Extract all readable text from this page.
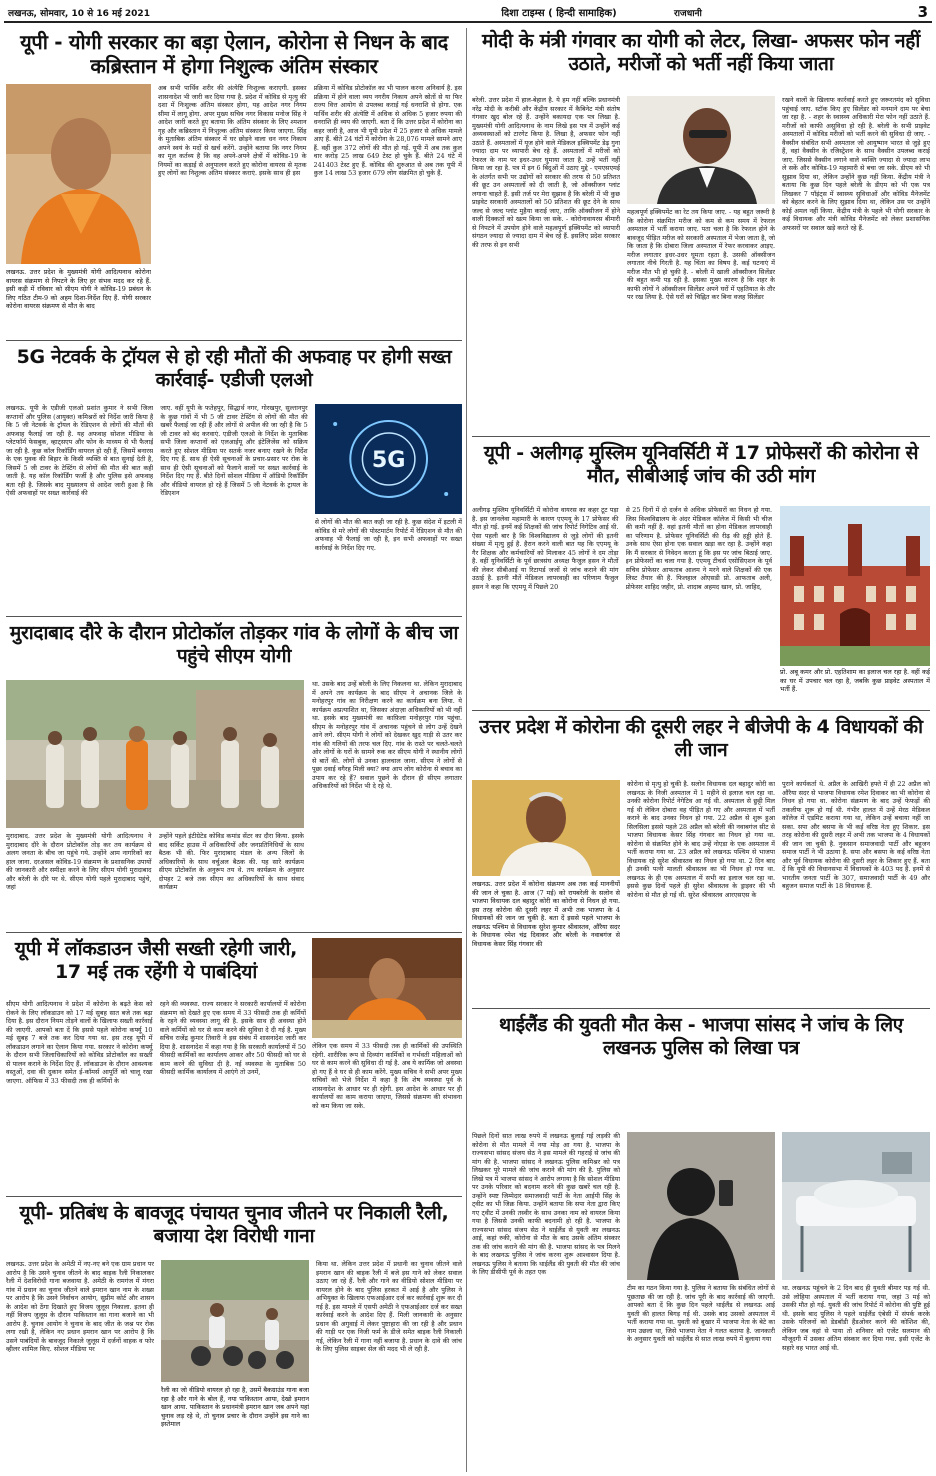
लखनऊ, सोमवार, 10 से 16 मई 2021	दिशा टाइम्स ( हिन्दी सामाहिक)	राजधानी	3
यूपी - योगी सरकार का बड़ा ऐलान, कोरोना से निधन के बाद कब्रिस्तान में होगा निशुल्क अंतिम संस्कार
लखनऊ. उत्तर प्रदेश के मुख्यमंत्री योगी आदित्यनाथ कोरोना वायरस संक्रमण से निपटने के लिए हर संभव मदद कर रहे हैं. इसी कड़ी में रविवार को सीएम योगी ने कोविड-19 प्रबंधन के लिए गठित टीम-9 को अहम दिशा-निर्देश दिए हैं. योगी सरकार कोरोना वायरस संक्रमण से मौत के बाद
अब सभी पार्थिव शरीर की अंत्येष्टि निःशुल्क कराएगी. इसका शासनादेश भी जारी कर दिया गया है. प्रदेश में कोविड से मृत्यु की दशा में निःशुल्क अंतिम संस्कार होगा, यह आदेश नगर निगम सीमा में लागू होगा. अपर मुख्य सचिव नगर विकास मनोज सिंह ने आदेश जारी करते हुए बताया कि अंतिम संस्कार के लिए श्मशान गृह और कब्रिस्तान में निःशुल्क अंतिम संस्कार किया जाएगा. सिंह के मुताबिक अंतिम संस्कार में घर छोड़ने वाला धन नगर निकाय अपने स्वयं के मदों से खर्च करेंगे. उन्होंने बताया कि नगर निगम का मूल कर्तव्य है कि वह अपने-अपने क्षेत्रों में कोविड-19 के नियमों का कड़ाई से अनुपालन करते हुए कोरोना वायरस से मृतक हुए लोगों का निशुल्क अंतिम संस्कार कराएं. इसके साथ ही इस
प्रक्रिया में कोविड प्रोटोकॉल का भी पालन करना अनिवार्य है. इस प्रक्रिया में होने वाला व्यय नगरीय निकाय अपने स्रोतों से या फिर राज्य वित्त आयोग से उपलब्ध कराई गई धनराशि से होगा. एक पार्थिव शरीर की अंत्येष्टि में अधिक से अधिक 5 हजार रुपया की धनराशि ही व्यय की जाएगी. बता दें कि उत्तर प्रदेश में कोरोना का कहर जारी है, आज भी यूपी प्रदेश में 25 हजार से अधिक मामले आए हैं. बीते 24 घंटों में कोरोना के 28,076 मामले सामने आए हैं. वहीं कुल 372 लोगों की मौत हो गई. यूपी में अब तक कुल चार करोड़ 25 लाख 649 टेस्ट हो चुके हैं. बीते 24 घंटे में 241403 टेस्ट हुए हैं. कोविड की शुरुआत से अब तक यूपी में कुल 14 लाख 53 हजार 679 लोग संक्रमित हो चुके हैं.
5G नेटवर्क के ट्रॉयल से हो रही मौतों की अफवाह पर होगी सख्त कार्रवाई- एडीजी एलओ
लखनऊ. यूपी के एडीजी एलओ प्रशांत कुमार ने सभी जिला कप्तानों और पुलिस (आयुक्त) कमिश्नरों को निर्देश जारी किया है कि 5 जी नेटवर्क के ट्रॉयल के रेडिएशन से लोगों की मौतों की अफवाह फैलाई जा रही है. यह अफवाह सोशल मीडिया के प्लेटफॉर्म फेसबुक, व्हाट्सएप और फोन के माध्यम से भी फैलाई जा रही है. कुछ कॉल रिकॉर्डिंग वायरल हो रही हैं, जिसमें बनारस के एक युवक की बिहार के किसी व्यक्ति से बात सुनाई देती है, जिसमें 5 जी टावर के टेस्टिंग से लोगों की मौत की बात कही जाती है. यह कॉल रिकॉर्डिंग फर्जी है और पुलिस इसे अफवाह बता रही है. जिसके बाद मुख्यालय से आदेश जारी हुआ है कि ऐसी अफवाहों पर सख्त कार्रवाई की
जाए. वहीं यूपी के फतेहपुर, सिद्धार्थ नगर, गोरखपुर, सुल्तानपुर के कुछ गांवों में भी 5 जी टावर टेस्टिंग से लोगों की मौत की खबरें फैलाई जा रही हैं और लोगों से अपील की जा रही है कि 5 जी टावर को बंद करवाएं. एडीजी एलओ के निर्देश के मुताबिक सभी जिला कप्तानों को एलआईयू और इंटेलिजेंस को सक्रिय करते हुए सोशल मीडिया पर सतर्क नजर बनाए रखने के निर्देश दिए गए हैं. साथ ही ऐसी सूचनाओं के प्रचार-प्रसार पर रोक के साथ ही ऐसी सूचनाओं को फैलाने वालों पर सख्त कार्रवाई के निर्देश दिए गए हैं. बीते दिनों सोशल मीडिया में ऑडियो रिकॉर्डिंग और वीडियो वायरल हो रहे हैं जिसमें 5 जी नेटवर्क के ट्रायल के रेडिएशन
5G
से लोगों की मौत की बात कही जा रही है. कुछ संदेश में इटली में कोविड से मरे लोगों की पोस्टमार्टम रिपोर्ट में रेडिएशन से मौत की अफवाह भी फैलाई जा रही है, इन सभी अफवाहों पर सख्त कार्रवाई के निर्देश दिए गए.
मुरादाबाद दौरे के दौरान प्रोटोकॉल तोड़कर गांव के लोगों के बीच जा पहुंचे सीएम योगी
मुरादाबाद. उत्तर प्रदेश के मुख्यमंत्री योगी आदित्यनाथ ने मुरादाबाद दौरे के दौरान प्रोटोकॉल तोड़ कर तय कार्यक्रम से अलग जनता के बीच जा पहुंचे गये. उन्होंने आम नागरिकों का हाल जाना. दरअसल कोविड-19 संक्रमण के प्रशासनिक उपायों की जानकारी और समीक्षा करने के लिए सीएम योगी मुरादाबाद और बरेली के दौरे पर थे. सीएम योगी पहले मुरादाबाद पहुंचे, जहां
उन्होंने पहले इंटीग्रेटेड कोविड कमांड सेंटर का दौरा किया. इसके बाद सर्किट हाउस में अधिकारियों और जनप्रतिनिधियों के साथ बैठक भी की. फिर मुरादाबाद मंडल के अन्य जिलों के अधिकारियों के साथ वर्चुअल बैठक की. यह सारे कार्यक्रम सीएम प्रोटोकॉल के अनुरूप तय थे. तय कार्यक्रम के अनुसार दोपहर 2 बजे तक सीएम का अधिकारियों के साथ संवाद कार्यक्रम
था. उसके बाद उन्हें बरेली के लिए निकलना था. लेकिन मुरादाबाद में अपने तय कार्यक्रम के बाद सीएम ने अचानक जिले के मनोहरपुर गांव का निरीक्षण करने का कार्यक्रम बना लिया. ये कार्यक्रम अप्रत्याशित था, जिसका अंदाज़ा अधिकारियों को भी नहीं था. इसके बाद मुख्यमंत्री का काफ़िला मनोहरपुर गांव पहुंचा. सीएम के मनोहरपुर गांव में अचानक पहुंचने से लोग उन्हें देखने आने लगे. सीएम योगी ने लोगों को देखकर खुद गाड़ी से उतर कर गांव की गलियों की तरफ चल दिए. गांव के रास्ते पर चलते-चलते ओर लोगों के घरों के सामने रुक कर सीएम योगी ने स्थानीय लोगों से बातें की. लोगों से उनका हालचाल जाना. सीएम ने लोगों से पूछा दवाई वगैरह मिली क्या? क्या आप लोग कोरोना से बचाव का उपाय कर रहे हैं? सवाल पूछने के दौरान ही सीएम लगातार अधिकारियों को निर्देश भी दे रहे थे.
यूपी में लॉकडाउन जैसी सख्ती रहेगी जारी, 17 मई तक रहेंगी ये पाबंदियां
सीएम योगी आदित्यनाथ ने प्रदेश में कोरोना के बढ़ते केस को रोकने के लिए लॉकडाउन को 17 मई सुबह सात बजे तक बढ़ा दिया है. इस दौरान नियम तोड़ने वालों के खिलाफ सख्ती कार्रवाई की जाएगी. आपको बता दें कि इससे पहले कोरोना कर्फ्यू 10 मई सुबह 7 बजे तक कर दिया गया था. इस तरह यूपी में लॉकडाउन लगाने का ऐलान किया गया. सरकार ने कोरोना कर्फ्यू के दौरान सभी जिलाधिकारियों को कोविड प्रोटोकॉल का सख्ती से पालन कराने के निर्देश दिए हैं. लॉकडाउन के दौरान आवश्यक वस्तुओं, दवा की दुकान समेत ई-कॉमर्स आपूर्ति को चालू रखा जाएगा. ऑफिस में 33 फीसदी तक ही कर्मियों के
रहने की व्यवस्था. राज्य सरकार ने सरकारी कार्यालयों में कोरोना संक्रमण को देखते हुए एक समय में 33 फीसदी तक ही कर्मियों के रहने की व्यवस्था लागू की है. इसके साथ ही अवस्था होने वाले कर्मियों को घर से काम करने की सुविधा दे दी गई है. मुख्य सचिव राजेंद्र कुमार तिवारी ने इस संबंध में शासनादेश जारी कर दिया है. शासनादेश में कहा गया है कि सरकारी कार्यालयों में 50 फीसदी कार्मिकों का कार्यालय आकर और 50 फीसदी को घर से काम करने की सुविधा दी है. नई व्यवस्था के मुताबिक 50 फीसदी कार्मिक कार्यालय में आएंगे तो उनमें,
लेकिन एक समय में 33 फीसदी तक ही कार्मिकों की उपस्थिति रहेगी. शारीरिक रूप से दिव्यांग कार्मिकों व गर्भवती महिलाओं को घर से काम करने की सुविधा दी गई है. अब ये कार्मिक जो अवस्था हो गए हैं वे घर से ही काम करेंगे. मुख्य सचिव ने सभी अपर मुख्य सचिवों को भेजे निर्देश में कहा है कि शेष व्यवस्था पूर्व के शासनादेश के आधार पर ही रहेगी. इस आदेश के आधार पर ही कार्यालयों का काम कराया जाएगा, जिससे संक्रमण की संभावना को कम किया जा सके.
यूपी- प्रतिबंध के बावजूद पंचायत चुनाव जीतने पर निकाली रैली, बजाया देश विरोधी गाना
लखनऊ. उत्तर प्रदेश के अमेठी में नए-नए बने एक ग्राम प्रधान पर आरोप है कि उसने चुनाव जीतने के बाद बाइक रैली निकालकर रैली में देशविरोधी गाना बजवाया है. अमेठी के रामगंज में मंगरा गांव में प्रधान का चुनाव जीतने वाले इमरान खान नाम के शख्स पर आरोप है कि उसने निर्वाचन आयोग, सुप्रीम कोर्ट और शासन के आदेश को ठेंगा दिखाते हुए विजय जुलूस निकाला. इतना ही नहीं विजय जुलूस के दौरान पाकिस्तान का गाना बजाने का भी आरोप है. चुनाव आयोग ने चुनाव के बाद जीत के जश्न पर रोक लगा रखी है, लेकिन नए प्रधान इमरान खान पर आरोप है कि उसने पाबंदियों के बावजूद निकाले जुलूस में दर्जनों वाहक व फोर व्हीलर शामिल किए. सोशल मीडिया पर
रैली का जो वीडियो वायरल हो रहा है, उसमें बैकग्राउंड गाना बजा रहा है और गाने के बोल हैं, नया पाकिस्तान आया, देखो इमरान खान आया. पाकिस्तान के प्रधानमंत्री इमरान खान जब अपने यहां चुनाव लड़ रहे थे, तो चुनाव प्रचार के दौरान उन्होंने इस गाने का इस्तेमाल
किया था. लेकिन उत्तर प्रदेश में प्रधानी का चुनाव जीतने वाले इमरान खान की बाइक रैली में बजे इस गाने को लेकर सवाल उठाए जा रहे हैं. रैली और गाने का वीडियो सोशल मीडिया पर वायरल होने के बाद पुलिस हरकत में आई है और पुलिस ने अभियुक्त के खिलाफ एफआईआर दर्ज कर कार्रवाई शुरू कर दी गई है. इस मामले में एसपी अमेठी ने एफआईआर दर्ज कर सख्त कार्रवाई करने के आदेश दिए हैं. मिली जानकारी के अनुसार प्रधान की अगुवाई में लेकर पुष्टाहारा की जा रही है और प्रधान की गाड़ी पर एक निजी फर्म के डीजे समेत बाइक रैली निकाली गई, लेकिन रैली में गाना नहीं बजाया है. प्रधान के दावे की जांच के लिए पुलिस साइबर सेल की मदद भी ले रही है.
मोदी के मंत्री गंगवार का योगी को लेटर, लिखा- अफसर फोन नहीं उठाते, मरीजों को भर्ती नहीं किया जाता
बरेली. उत्तर प्रदेश में हाल-बेहाल है. ये हम नहीं बल्कि प्रधानमंत्री नरेंद्र मोदी के करीबी और केंद्रीय सरकार में कैबिनेट मंत्री संतोष गंगवार खुद बोल रहे हैं. उन्होंने बकायदा एक पत्र लिखा है. मुख्यमंत्री योगी आदित्यनाथ के नाम लिखे इस पत्र में उन्होंने कई अव्यवस्थाओं को टारगेट किया है. लिखा है, अफसर फोन नहीं उठाते हैं. अस्पतालों में यूज होने वाले मेडिकल इक्विपमेंट डेढ़ गुना ज्यादा दाम पर व्यापारी बेच रहे हैं. अस्पतालों में मरीजों को रेफरल के नाम पर इधर-उधर घुमाया जाता है. उन्हें भर्ती नहीं किया जा रहा है. पत्र में इन 6 बिंदुओं में उठाए मुद्दे - एमएसएमई के अंतर्गत सभी पर उद्योगों को सरकार की तरफ से 50 प्रतिशत की छूट उन अस्पतालों को दी जाती है, जो ऑक्सीजन प्लांट लगाना चाहते हैं. इसी तर्ज पर मेरा सुझाव है कि बरेली में भी कुछ प्राइवेट सरकारी अस्पतालों को 50 प्रतिशत की छूट देने के साथ जल्द से जल्द प्लांट मुहैया कराई जाए, ताकि ऑक्सीजन में होने वाली दिक्कतों को खत्म किया जा सके. - कोरोनावायरस बीमारी से निपटने में उपयोग होने वाले महत्वपूर्ण इक्विपमेंट को व्यापारी संगठन ज्यादा से ज्यादा दाम में बेच रहे हैं. इसलिए प्रदेश सरकार की तरफ से इन सभी
महत्वपूर्ण इक्विपमेंट का रेट तय किया जाए. - यह बहुत जरूरी है कि कोरोना संक्रमित मरीज को कम से कम समय में रेफरल अस्पताल में भर्ती कराया जाए. पता चला है कि रेफरल होने के बावजूद पीड़ित मरीज को सरकारी अस्पताल में भेजा जाता है, जो कि जाता है कि दोबारा जिला अस्पताल में रेफर करवाकर आइए. मरीज लगातार इधर-उधर घूमता रहता है. उसकी ऑक्सीजन लगातार नीचे गिरती है. यह चिंता का विषय है. कई घटनाएं में मरीज मौत भी हो चुकी है. - बरेली में खाली ऑक्सीजन सिलेंडर की बहुत कमी पड़ रही है. इसका मुख्य कारण है कि शहर के काफी लोगों ने ऑक्सीजन सिलेंडर अपने घरों में एहतियात के तौर पर रख लिया है. ऐसे घरों को चिह्नित कर बिना वजह सिलेंडर
रखने वालों के खिलाफ कार्रवाई करते हुए जरूरतमंद को सुविधा पहुंचाई जाए. स्टॉक किए हुए सिलेंडर को मनमाने दाम पर बेचा जा रहा है. - शहर के स्वास्थ्य अधिकारी मेरा फोन नहीं उठाते हैं. मरीजों को काफी असुविधा हो रही है. बरेली के सभी प्राइवेट अस्पतालों में कोविड मरीजों को भर्ती करने की सुविधा दी जाए. - वैक्सीन संबंधित सभी अस्पताल जो आयुष्मान भारत से जुड़े हुए हैं, वहां वैक्सीन के रजिस्ट्रेशन के साथ वैक्सीन उपलब्ध कराई जाए. जिससे वैक्सीन लगाने वाले व्यक्ति ज्यादा से ज्यादा लाभ ले सकें और कोविड-19 महामारी से बचा जा सके. डीएम को भी सुझाव दिया था, लेकिन उन्होंने कुछ नहीं किया. केंद्रीय मंत्री ने बताया कि कुछ दिन पहले बरेली के डीएम को भी एक पत्र लिखकर 7 पॉइंट्स में स्वास्थ्य सुविधाओं और कोविड मैनेजमेंट को बेहतर करने के लिए सुझाव दिया था, लेकिन उस पर उन्होंने कोई अमल नहीं किया. केंद्रीय मंत्री के पहले भी योगी सरकार के कई विधायक और मंत्री कोविड मैनेजमेंट को लेकर प्रशासनिक अफसरों पर सवाल खड़े करते रहे हैं.
यूपी - अलीगढ़ मुस्लिम यूनिवर्सिटी में 17 प्रोफेसरों की कोरोना से मौत, सीबीआई जांच की उठी मांग
अलीगढ़ मुस्लिम यूनिवर्सिटी में कोरोना वायरस का कहर टूट पड़ा है. इस जानलेवा महामारी के कारण एएमयू के 17 प्रोफेसर की मौत हो गई. इनमें कई शिक्षकों की जांच रिपोर्ट निगेटिव आई थी. ऐसा पहली बार है कि विश्वविद्यालय से जुड़े लोगों की इतनी संख्या में मृत्यु हुई है. हैरान करने वाली बात यह कि एएमयू के गैर शिक्षक और कर्मचारियों को मिलाकर 45 लोगों ने दम तोड़ा है. वहीं यूनिवर्सिटी के पूर्व छात्रसंघ अध्यक्ष फैजुल हसन ने मौतों की लेकर सीबीआई या रिटायर्ड जजों से जांच कराने की मांग उठाई है. इतनी मौतें मेडिकल लापरवाही का परिणाम फैजुल हसन ने कहा कि एएमयू में पिछले 20
से 25 दिनों में दो दर्जन से अधिक प्रोफेसरों का निधन हो गया. जिस विश्वविद्यालय के अंदर मेडिकल कॉलेज में किसी भी चीज की कमी नहीं है. वहां इतनी मौतों का होना मेडिकल लापरवाही का परिणाम है. प्रोफेसर यूनिवर्सिटी की रीढ़ की हड्डी होते हैं. उनके साथ ऐसा होना एक सवाल खड़ा कर रहा है. उन्होंने कहा कि मैं सरकार से निवेदन करता हूं कि इस पर जांच बिठाई जाए. इन प्रोफेसरों का चला गया है. एएमयू टीचर्स एसोसिएशन के पूर्व सचिव प्रोफेसर आफताब आलम ने मरने वाले शिक्षकों की एक लिस्ट तैयार की है. फिलहाल ओएसडी प्रो. आफताब अली, प्रोफेसर शाहिद जहीर, प्रो. शादाब अहमद खान, प्रो. जाहिद,
प्रो. अबू कमर और प्रो. एहतिशाम का इलाज चल रहा है. वहीं कई का घर में उपचार चल रहा है, जबकि कुछ प्राइवेट अस्पताल में भर्ती हैं.
उत्तर प्रदेश में कोरोना की दूसरी लहर ने बीजेपी के 4 विधायकों की ली जान
लखनऊ. उत्तर प्रदेश में कोरोना संक्रमण अब तक कई माननीयों की जान ले चुका है. आज (7 मई) को रायबरेली के सलोन से भाजपा विधायक दल बहादुर कोरी का कोरोना से निधन हो गया. इस तरह कोरोना की दूसरी लहर में अभी तक भाजपा के 4 विधायकों की जान जा चुकी है. बता दें इससे पहले भाजपा के लखनऊ पश्चिम से विधायक सुरेश कुमार श्रीवास्तव, औरैया सदर के विधायक रमेश चंद्र दिवाकर और बरेली के नवाबगंज से विधायक केसर सिंह गंगवार की
कोरोना से मृत्यु हो चुकी है. सलोन विधायक दल बहादुर कोरी का लखनऊ के निजी अस्पताल में 1 महीने से इलाज चल रहा था. उनकी कोरोना रिपोर्ट नेगेटिव आ गई थी. अस्पताल से छुट्टी मिल गई थी लेकिन दोबारा वह पीड़ित हो गए और अस्पताल में भर्ती कराने के बाद उनका निधन हो गया. 22 अप्रैल से शुरू हुआ सिलसिला इससे पहले 28 अप्रैल को बरेली की नवाबगंज सीट से भाजपा विधायक केसर सिंह गंगवार का निधन हो गया था. कोरोना से संक्रमित होने के बाद उन्हें नोएडा के एक अस्पताल में भर्ती कराया गया था. 23 अप्रैल को लखनऊ पश्चिम से भाजपा विधायक रहे सुरेश श्रीवास्तव का निधन हो गया था. 2 दिन बाद ही उनकी पत्नी मालती श्रीवास्तव का भी निधन हो गया था. लखनऊ के ही एक अस्पताल में सभी का इलाज चल रहा था. इससे कुछ दिनों पहले ही सुरेश श्रीवास्तव के ड्राइवर की भी कोरोना से मौत हो गई थी. सुरेश श्रीवास्तव आरएसएस के
पुराने कार्यकर्ता थे. अप्रैल के आखिरी हफ्ते में ही 22 अप्रैल को औरैया सदर से भाजपा विधायक रमेश दिवाकर का भी कोरोना से निधन हो गया था. कोरोना संक्रमण के बाद उन्हें फेफड़ों की तकलीफ शुरू हो गई थी. गंभीर हालत में उन्हें मेरठ मेडिकल कॉलेज में एडमिट कराया गया था, लेकिन उन्हें बचाया नहीं जा सका. सपा और बसपा के भी कई वरिष्ठ नेता हुए शिकार. इस तरह कोरोना की दूसरी लहर में अभी तक भाजपा के 4 विधायकों की जान जा चुकी है. नुकसान समाजवादी पार्टी और बहुजन समाज पार्टी ने भी उठाया है. सपा और बसपा के कई वरिष्ठ नेता और पूर्व विधायक कोरोना की दूसरी लहर के शिकार हुए हैं. बता दें कि यूपी की विधानसभा में विधायकों के 403 पद हैं. इनमें से भारतीय जनता पार्टी के 307, समाजवादी पार्टी के 49 और बहुजन समाज पार्टी के 18 विधायक हैं.
थाईलैंड की युवती मौत केस - भाजपा सांसद ने जांच के लिए लखनऊ पुलिस को लिखा पत्र
पिछले दिनों सात लाख रुपये में लखनऊ बुलाई गई लड़की की कोरोना से मौत मामले में नया मोड़ आ गया है. भाजपा के राज्यसभा सांसद संजय सेठ ने इस मामले की गहराई से जांच की मांग की है. भाजपा सांसद ने लखनऊ पुलिस कमिश्नर को पत्र लिखकर पूरे मामले की जांच कराने की मांग की है. पुलिस को लिखे पत्र में भाजपा सांसद ने आरोप लगाया है कि सोशल मीडिया पर उनके परिवार को बदनाम करने की कुछ खबरें चल रही है. उन्होंने स्पष्ट जिम्मेदार समाजवादी पार्टी के नेता आईपी सिंह के ट्वीट का भी जिक्र किया. उन्होंने बताया कि सपा नेता द्वारा किए गए ट्वीट में उनकी तस्वीर के साथ उनका नाम को वायरल किया गया है जिससे उनकी काफी बदनामी हो रही है. भाजपा के राज्यसभा सांसद संजय सेठ ने थाईलैंड से युवती का लखनऊ आई, कहां रुकी, कोरोना से मौत के बाद उसके अंतिम संस्कार तक की जांच कराने की मांग की है. भाजपा सांसद के पत्र मिलने के बाद लखनऊ पुलिस ने जांच करना शुरू आश्वासन दिया है. लखनऊ पुलिस ने बताया कि थाईलैंड की युवती की मौत की जांच के लिए डीसीपी पूर्व के तहत एक
टीम का गठन किया गया है. पुलिस ने बताया कि संबंधित लोगों से पूछताछ की जा रही है. जांच पूरी के बाद कार्रवाई की जाएगी. आपको बता दें कि कुछ दिन पहले थाईलैंड से लखनऊ आई युवती की हालत बिगड़ गई थी. उसके बाद उसको अस्पताल में भर्ती कराया गया था. युवती को बुखार में भाजपा नेता के बेटे का नाम उछला था, जिसे भाजपा नेता ने गलत बताया है. जानकारी के अनुसार युवती को थाईलैंड से सात लाख रुपये में बुलाया गया
था. लखनऊ पहुंचने के 2 दिन बाद ही युवती बीमार पड़ गई थी. उसे लोहिया अस्पताल में भर्ती कराया गया, जहां 3 मई को उसकी मौत हो गई. युवती की जांच रिपोर्ट में कोरोना की पुष्टि हुई थी. इसके बाद पुलिस ने पहले थाईलैंड एंबेसी में संपर्क करके उसके परिजनों को डेडबॉडी हैंडओवर करने की कोशिश की, लेकिन जब वहां से पाया तो शनिवार को एजेंट सलमान की मौजूदगी में उसका अंतिम संस्कार कर दिया गया. इसी एजेंट के सहारे वह भारत आई थी.
